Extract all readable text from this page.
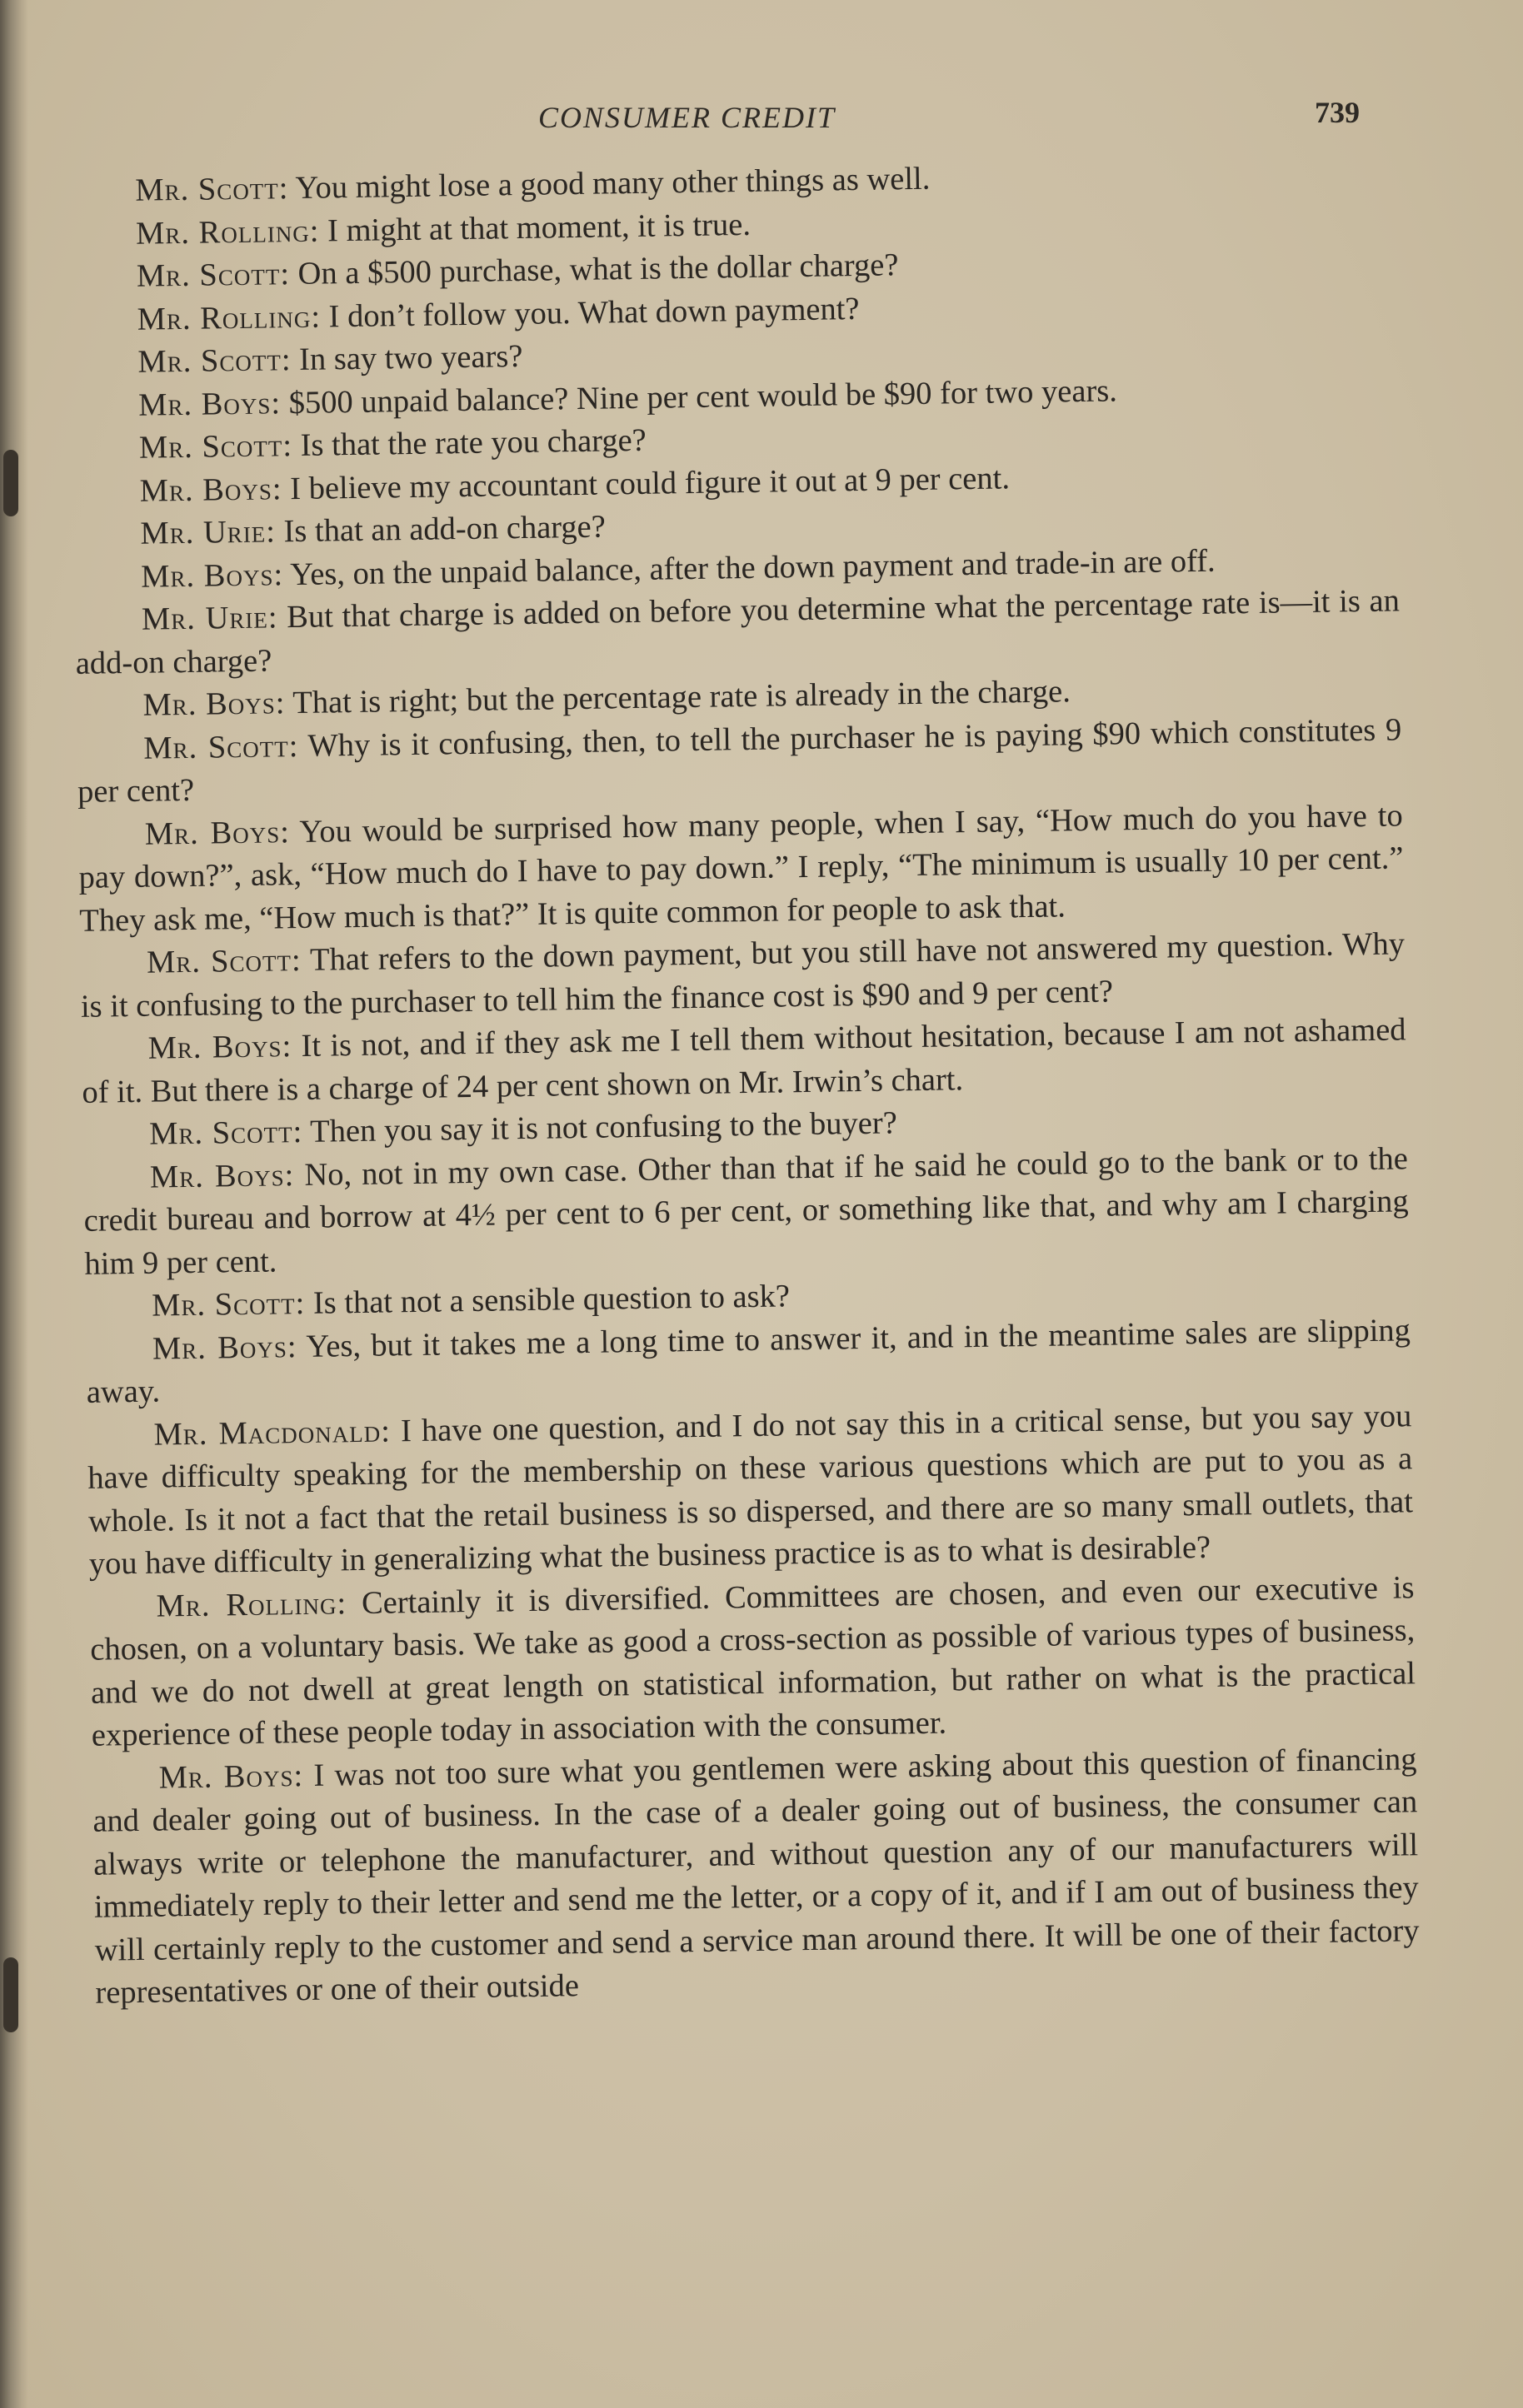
CONSUMER CREDIT	739

Mr. Scott: You might lose a good many other things as well.

Mr. Rolling: I might at that moment, it is true.

Mr. Scott: On a $500 purchase, what is the dollar charge?

Mr. Rolling: I don’t follow you. What down payment?

Mr. Scott: In say two years?

Mr. Boys: $500 unpaid balance? Nine per cent would be $90 for two years.

Mr. Scott: Is that the rate you charge?

Mr. Boys: I believe my accountant could figure it out at 9 per cent.

Mr. Urie: Is that an add-on charge?

Mr. Boys: Yes, on the unpaid balance, after the down payment and trade-in are off.

Mr. Urie: But that charge is added on before you determine what the percentage rate is—it is an add-on charge?

Mr. Boys: That is right; but the percentage rate is already in the charge.

Mr. Scott: Why is it confusing, then, to tell the purchaser he is paying $90 which constitutes 9 per cent?

Mr. Boys: You would be surprised how many people, when I say, “How much do you have to pay down?”, ask, “How much do I have to pay down.” I reply, “The minimum is usually 10 per cent.” They ask me, “How much is that?” It is quite common for people to ask that.

Mr. Scott: That refers to the down payment, but you still have not answered my question. Why is it confusing to the purchaser to tell him the finance cost is $90 and 9 per cent?

Mr. Boys: It is not, and if they ask me I tell them without hesitation, because I am not ashamed of it. But there is a charge of 24 per cent shown on Mr. Irwin’s chart.

Mr. Scott: Then you say it is not confusing to the buyer?

Mr. Boys: No, not in my own case. Other than that if he said he could go to the bank or to the credit bureau and borrow at 4½ per cent to 6 per cent, or something like that, and why am I charging him 9 per cent.

Mr. Scott: Is that not a sensible question to ask?

Mr. Boys: Yes, but it takes me a long time to answer it, and in the meantime sales are slipping away.

Mr. Macdonald: I have one question, and I do not say this in a critical sense, but you say you have difficulty speaking for the membership on these various questions which are put to you as a whole. Is it not a fact that the retail business is so dispersed, and there are so many small outlets, that you have difficulty in generalizing what the business practice is as to what is desirable?

Mr. Rolling: Certainly it is diversified. Committees are chosen, and even our executive is chosen, on a voluntary basis. We take as good a cross-section as possible of various types of business, and we do not dwell at great length on statistical information, but rather on what is the practical experience of these people today in association with the consumer.

Mr. Boys: I was not too sure what you gentlemen were asking about this question of financing and dealer going out of business. In the case of a dealer going out of business, the consumer can always write or telephone the manufacturer, and without question any of our manufacturers will immediately reply to their letter and send me the letter, or a copy of it, and if I am out of business they will certainly reply to the customer and send a service man around there. It will be one of their factory representatives or one of their outside
